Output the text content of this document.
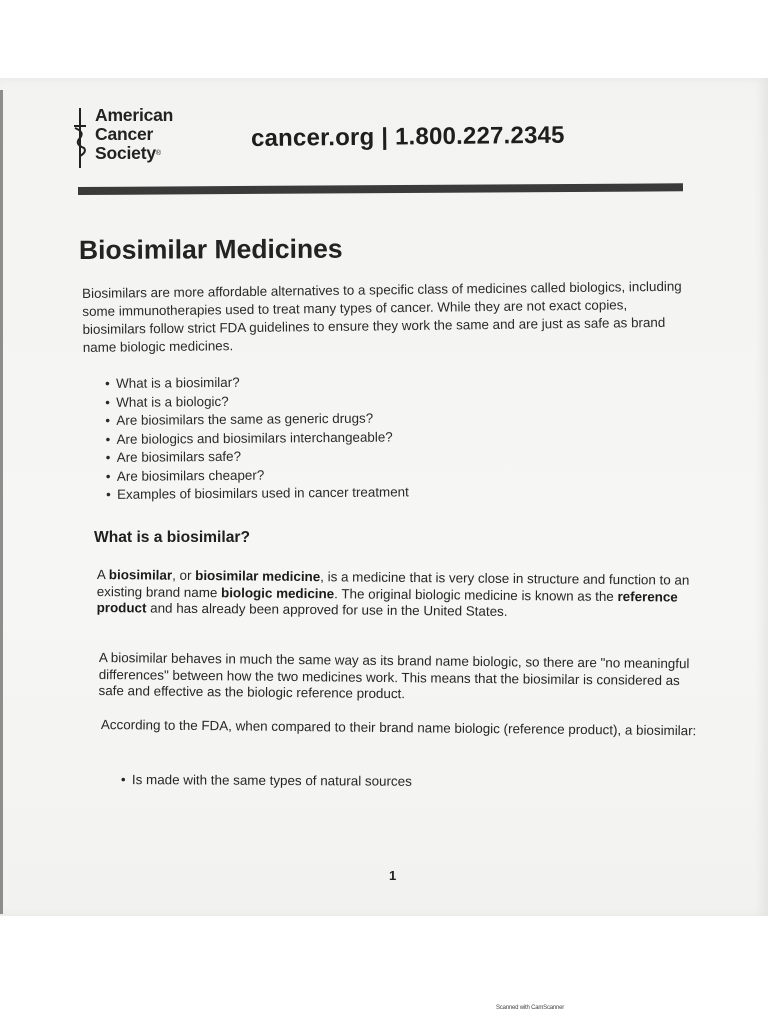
American
Cancer
Society®
cancer.org | 1.800.227.2345
Biosimilar Medicines

Biosimilars are more affordable alternatives to a specific class of medicines called biologics, including some immunotherapies used to treat many types of cancer. While they are not exact copies, biosimilars follow strict FDA guidelines to ensure they work the same and are just as safe as brand name biologic medicines.

• What is a biosimilar?
• What is a biologic?
• Are biosimilars the same as generic drugs?
• Are biologics and biosimilars interchangeable?
• Are biosimilars safe?
• Are biosimilars cheaper?
• Examples of biosimilars used in cancer treatment
What is a biosimilar?

A biosimilar, or biosimilar medicine, is a medicine that is very close in structure and function to an existing brand name biologic medicine. The original biologic medicine is known as the reference product and has already been approved for use in the United States.

A biosimilar behaves in much the same way as its brand name biologic, so there are "no meaningful differences" between how the two medicines work. This means that the biosimilar is considered as safe and effective as the biologic reference product.

According to the FDA, when compared to their brand name biologic (reference product), a biosimilar:

• Is made with the same types of natural sources
1
Scanned with CamScanner
